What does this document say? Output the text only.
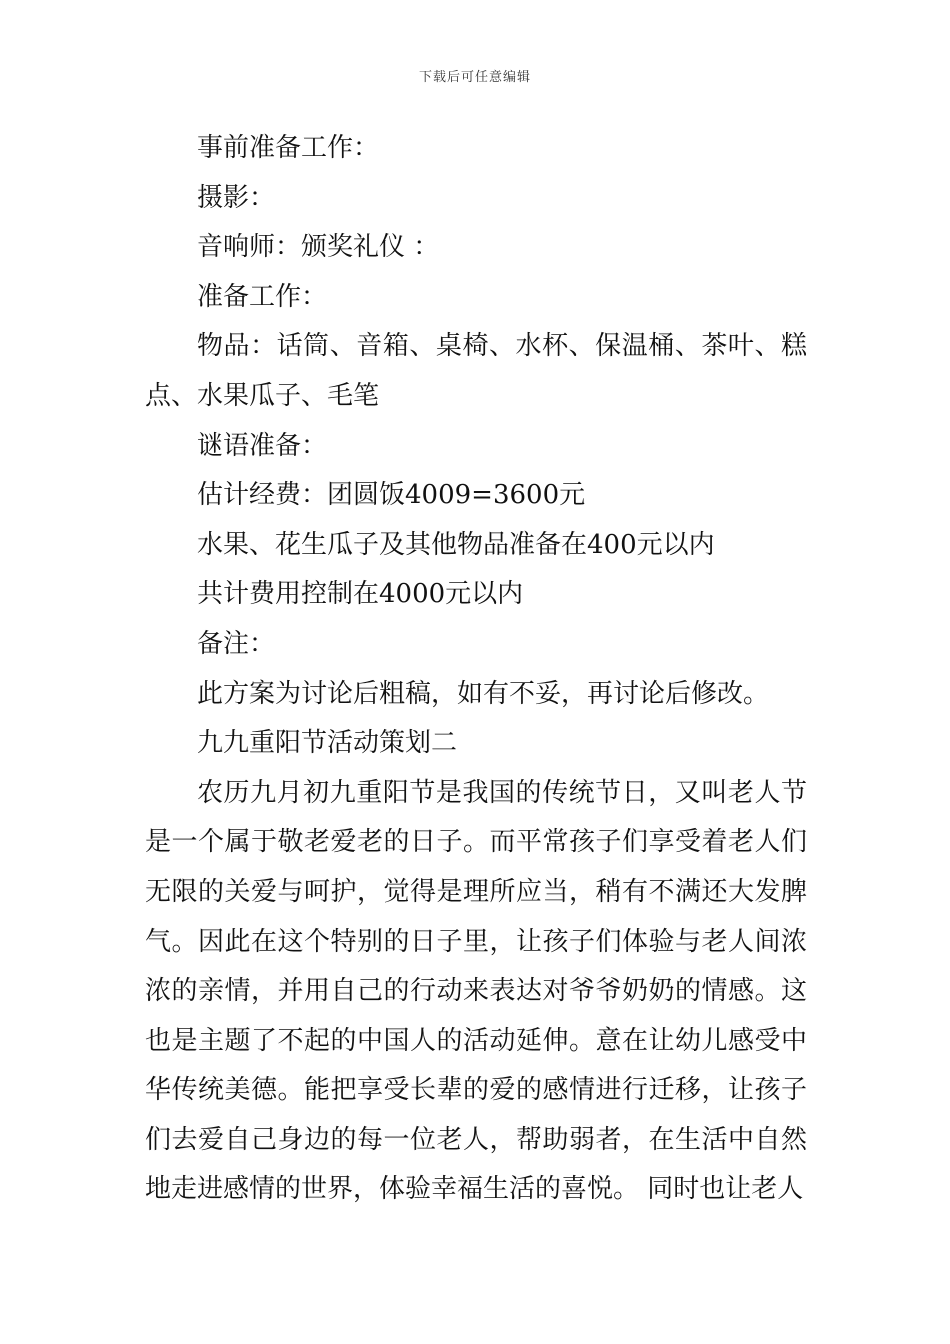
下载后可任意编辑

事前准备工作：

摄影：

音响师：颁奖礼仪 ：

准备工作：

物品：话筒、音箱、桌椅、水杯、保温桶、茶叶、糕点、水果瓜子、毛笔

谜语准备：

估计经费：团圆饭4009=3600元

水果、花生瓜子及其他物品准备在400元以内

共计费用控制在4000元以内

备注：

此方案为讨论后粗稿，如有不妥，再讨论后修改。

九九重阳节活动策划二

农历九月初九重阳节是我国的传统节日，又叫老人节是一个属于敬老爱老的日子。而平常孩子们享受着老人们无限的关爱与呵护，觉得是理所应当，稍有不满还大发脾气。因此在这个特别的日子里，让孩子们体验与老人间浓浓的亲情，并用自己的行动来表达对爷爷奶奶的情感。这也是主题了不起的中国人的活动延伸。意在让幼儿感受中华传统美德。能把享受长辈的爱的感情进行迁移，让孩子们去爱自己身边的每一位老人，帮助弱者，在生活中自然地走进感情的世界，体验幸福生活的喜悦。 同时也让老人
